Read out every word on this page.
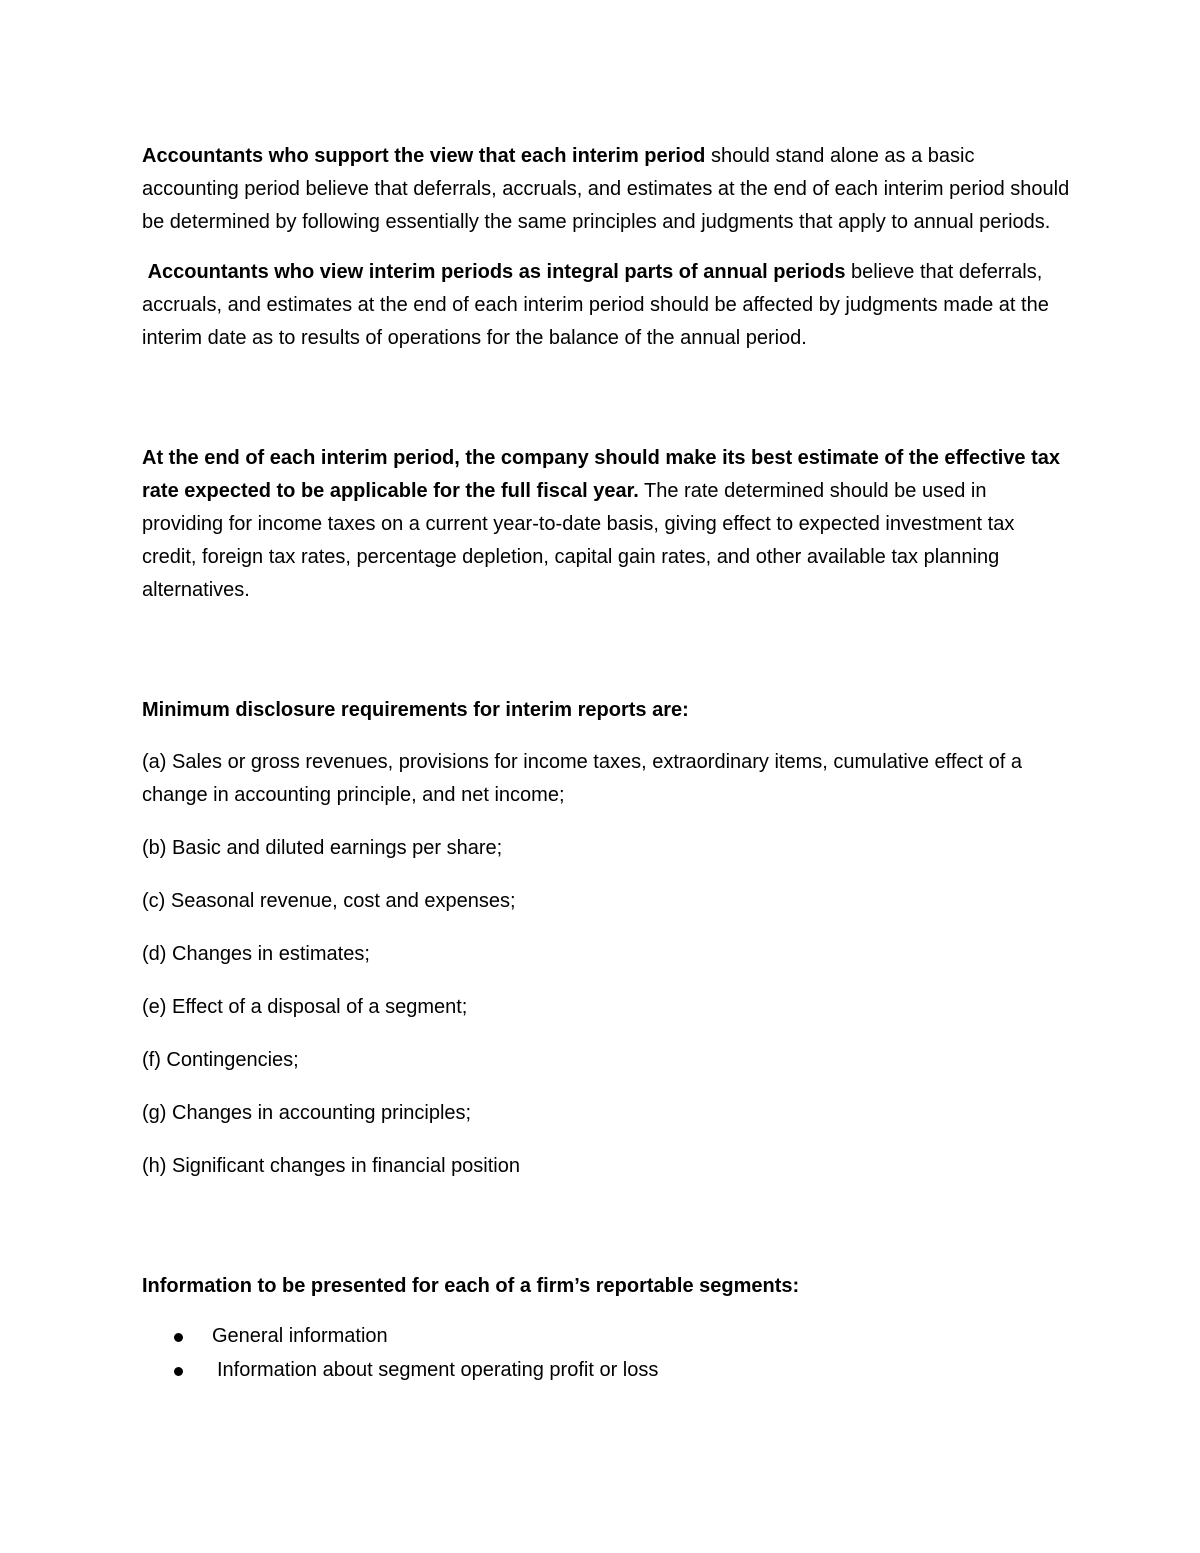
Accountants who support the view that each interim period should stand alone as a basic accounting period believe that deferrals, accruals, and estimates at the end of each interim period should be determined by following essentially the same principles and judgments that apply to annual periods.

Accountants who view interim periods as integral parts of annual periods believe that deferrals, accruals, and estimates at the end of each interim period should be affected by judgments made at the interim date as to results of operations for the balance of the annual period.

At the end of each interim period, the company should make its best estimate of the effective tax rate expected to be applicable for the full fiscal year. The rate determined should be used in providing for income taxes on a current year-to-date basis, giving effect to expected investment tax credit, foreign tax rates, percentage depletion, capital gain rates, and other available tax planning alternatives.

Minimum disclosure requirements for interim reports are:

(a) Sales or gross revenues, provisions for income taxes, extraordinary items, cumulative effect of a change in accounting principle, and net income;

(b) Basic and diluted earnings per share;

(c) Seasonal revenue, cost and expenses;

(d) Changes in estimates;

(e) Effect of a disposal of a segment;

(f) Contingencies;

(g) Changes in accounting principles;

(h) Significant changes in financial position

Information to be presented for each of a firm’s reportable segments:

General information
Information about segment operating profit or loss
